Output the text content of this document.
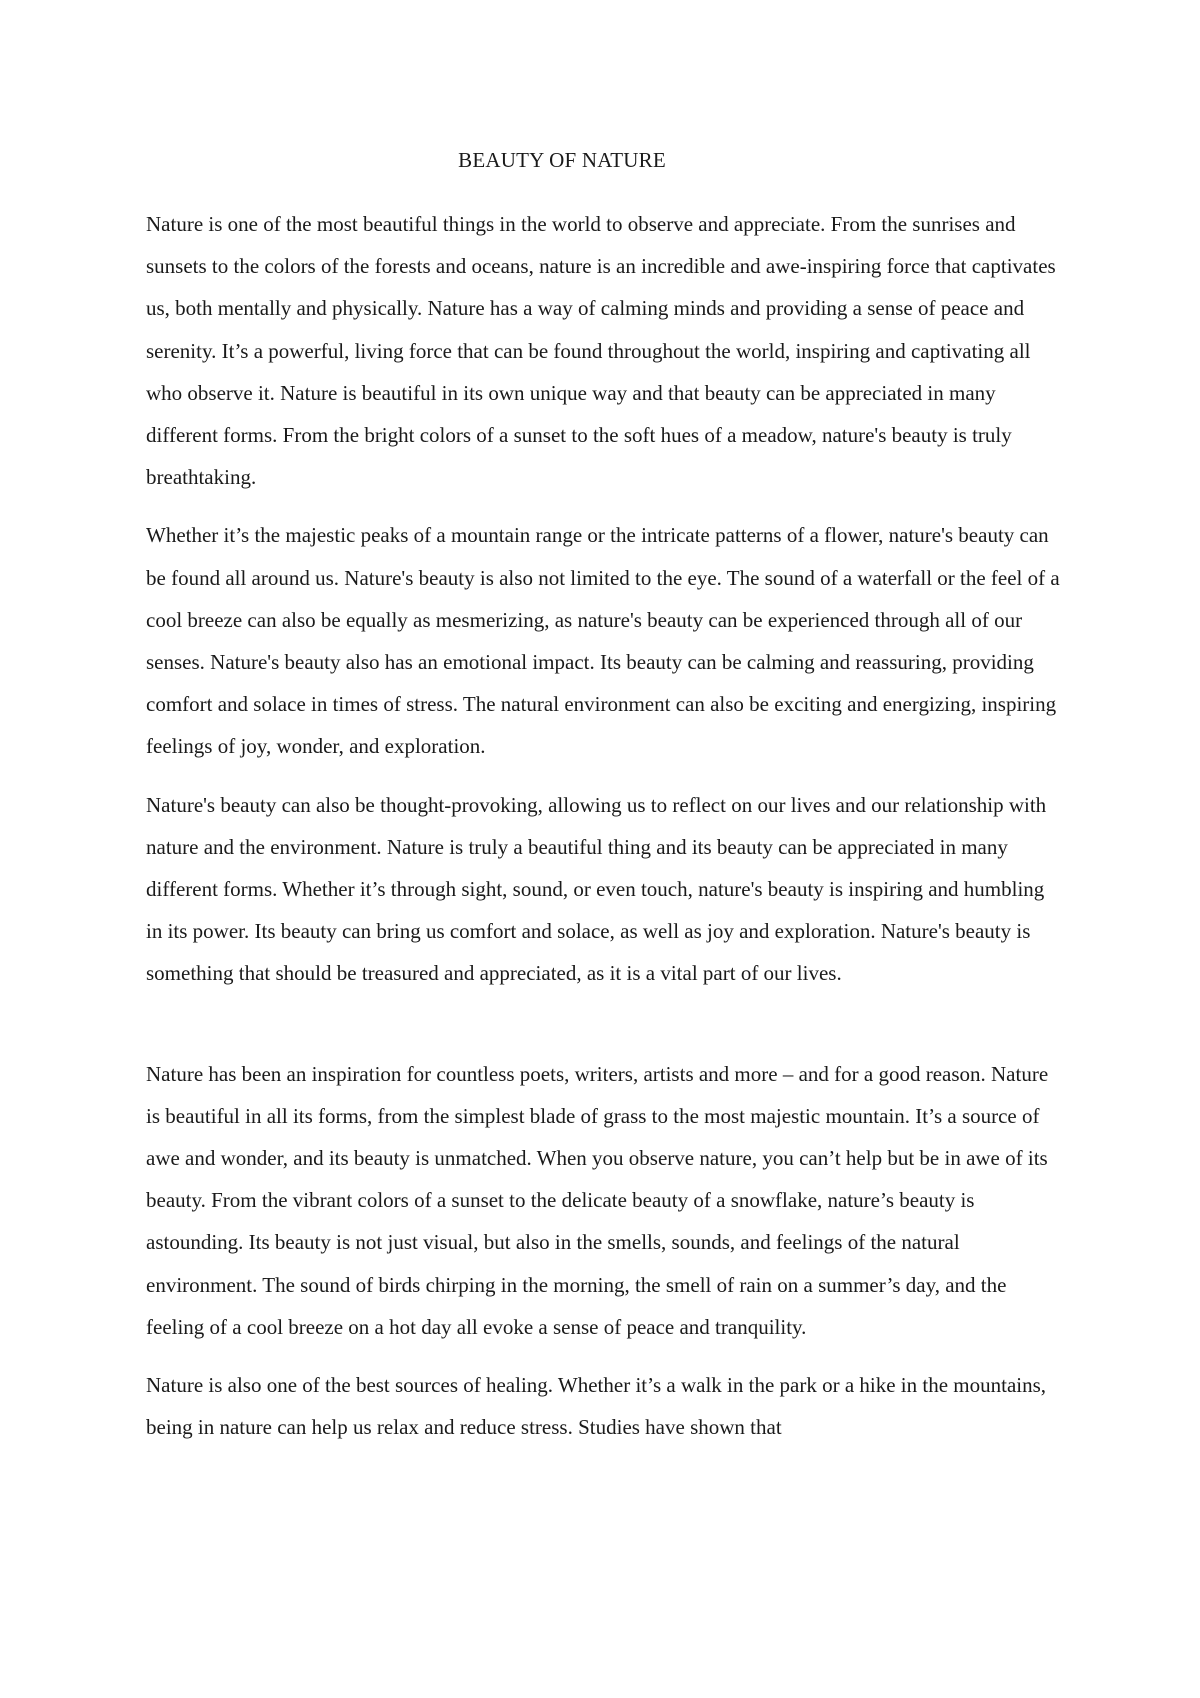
BEAUTY OF NATURE

Nature is one of the most beautiful things in the world to observe and appreciate. From the sunrises and sunsets to the colors of the forests and oceans, nature is an incredible and awe-inspiring force that captivates us, both mentally and physically. Nature has a way of calming minds and providing a sense of peace and serenity. It’s a powerful, living force that can be found throughout the world, inspiring and captivating all who observe it. Nature is beautiful in its own unique way and that beauty can be appreciated in many different forms. From the bright colors of a sunset to the soft hues of a meadow, nature's beauty is truly breathtaking.

Whether it’s the majestic peaks of a mountain range or the intricate patterns of a flower, nature's beauty can be found all around us. Nature's beauty is also not limited to the eye. The sound of a waterfall or the feel of a cool breeze can also be equally as mesmerizing, as nature's beauty can be experienced through all of our senses. Nature's beauty also has an emotional impact. Its beauty can be calming and reassuring, providing comfort and solace in times of stress. The natural environment can also be exciting and energizing, inspiring feelings of joy, wonder, and exploration.

Nature's beauty can also be thought-provoking, allowing us to reflect on our lives and our relationship with nature and the environment. Nature is truly a beautiful thing and its beauty can be appreciated in many different forms. Whether it’s through sight, sound, or even touch, nature's beauty is inspiring and humbling in its power. Its beauty can bring us comfort and solace, as well as joy and exploration. Nature's beauty is something that should be treasured and appreciated, as it is a vital part of our lives.

Nature has been an inspiration for countless poets, writers, artists and more – and for a good reason. Nature is beautiful in all its forms, from the simplest blade of grass to the most majestic mountain. It’s a source of awe and wonder, and its beauty is unmatched. When you observe nature, you can’t help but be in awe of its beauty. From the vibrant colors of a sunset to the delicate beauty of a snowflake, nature’s beauty is astounding. Its beauty is not just visual, but also in the smells, sounds, and feelings of the natural environment. The sound of birds chirping in the morning, the smell of rain on a summer’s day, and the feeling of a cool breeze on a hot day all evoke a sense of peace and tranquility.

Nature is also one of the best sources of healing. Whether it’s a walk in the park or a hike in the mountains, being in nature can help us relax and reduce stress. Studies have shown that
